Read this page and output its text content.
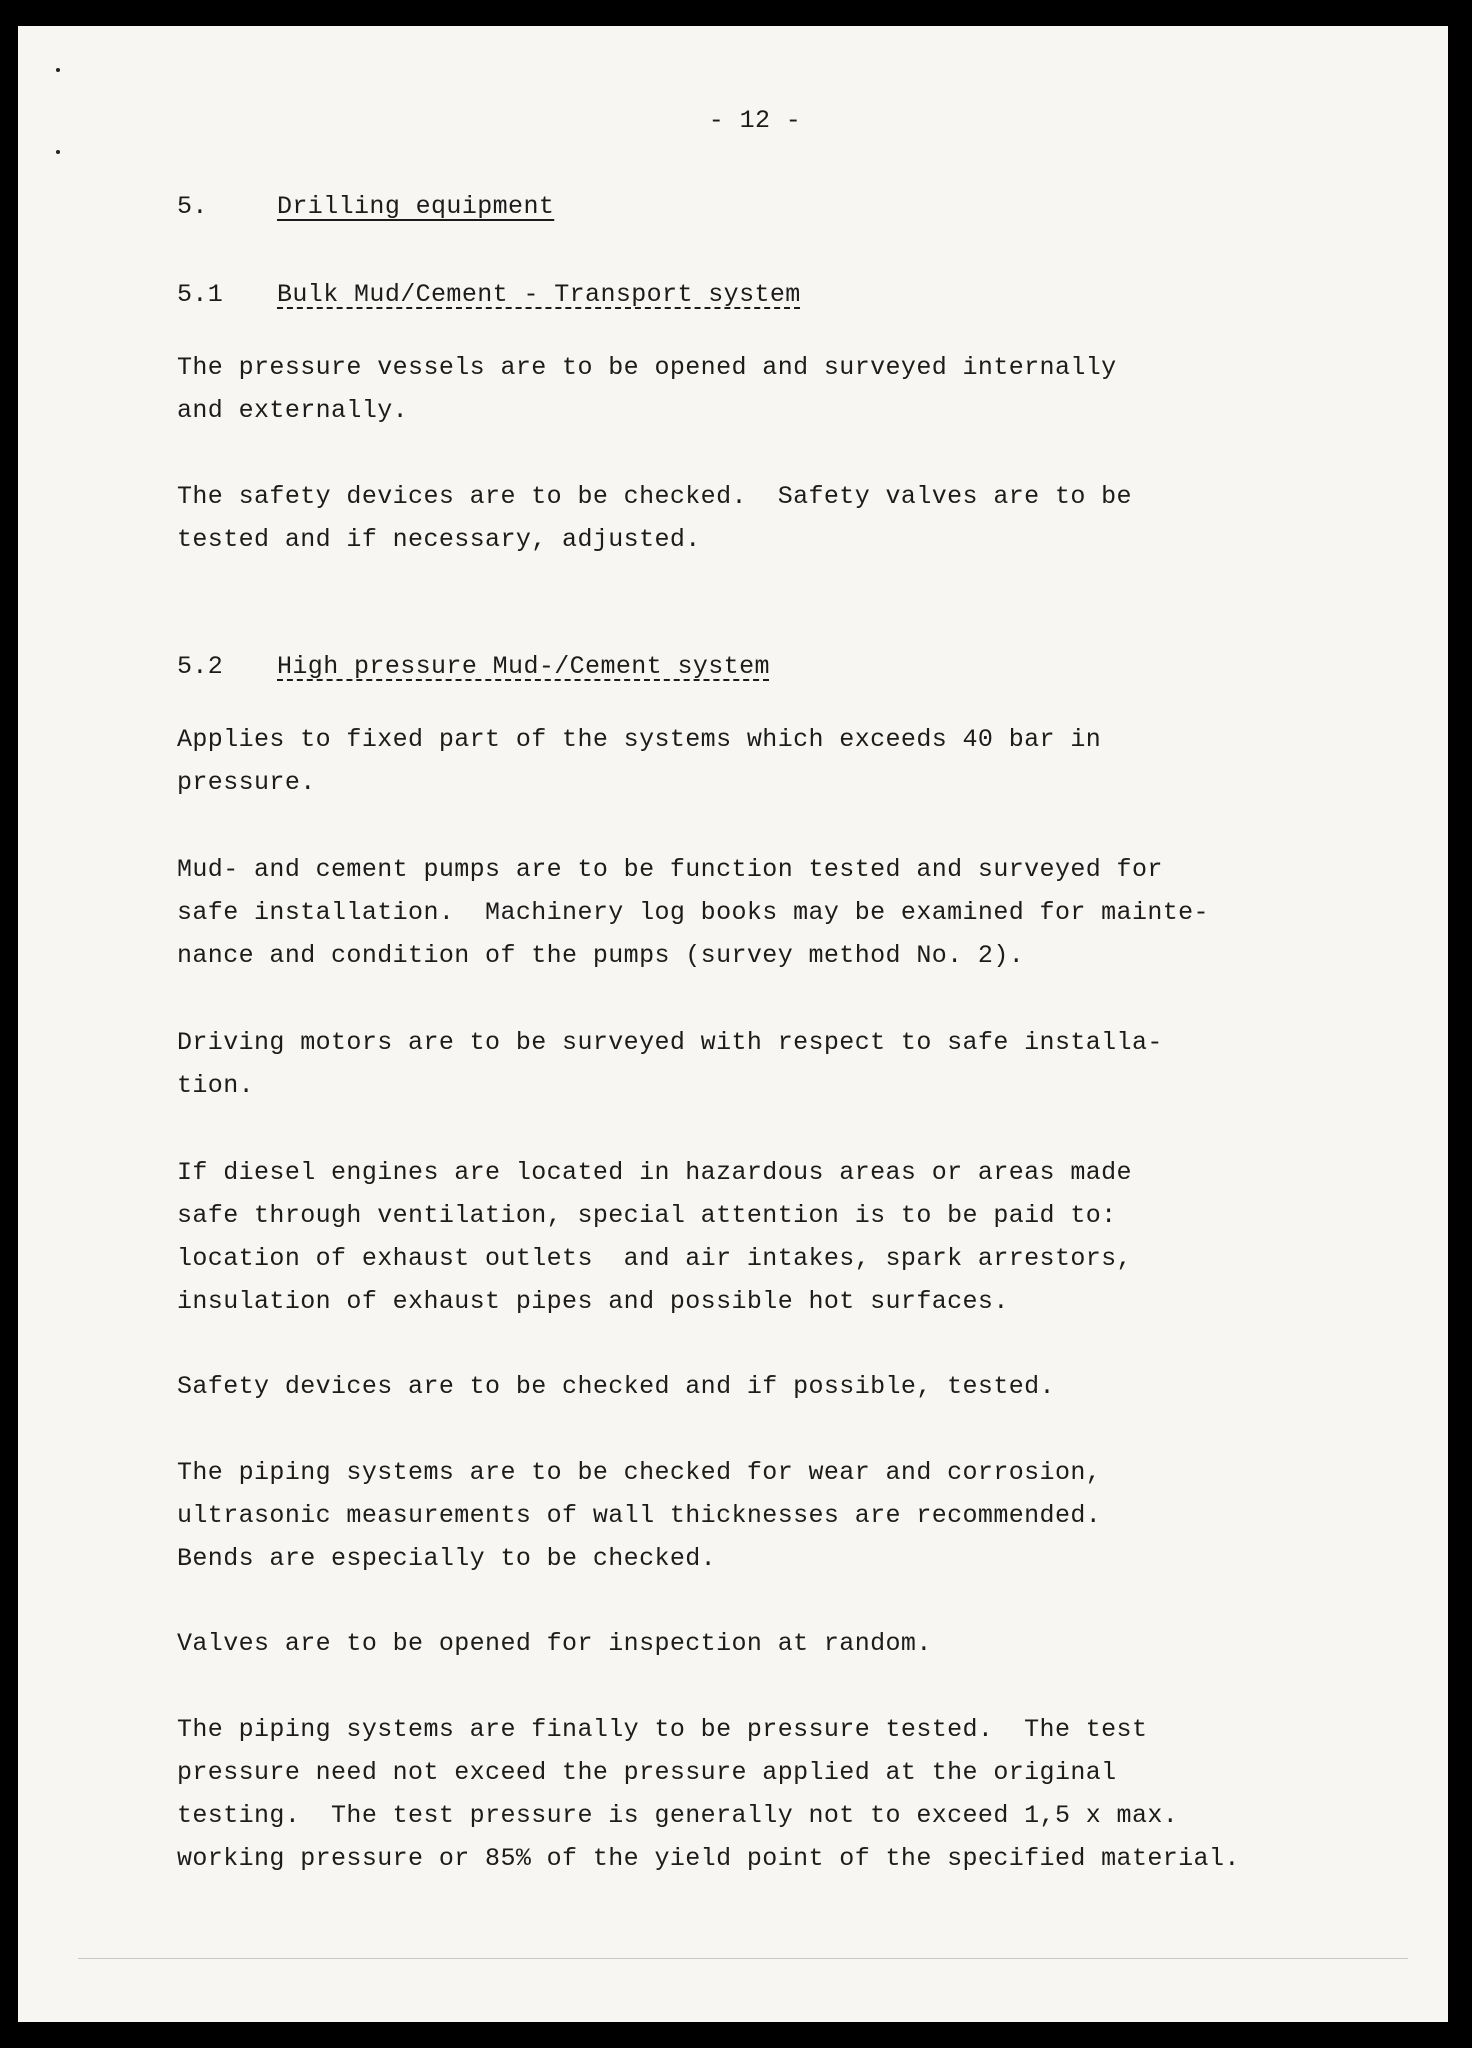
- 12 -
5.	Drilling equipment
5.1 Bulk Mud/Cement - Transport system

The pressure vessels are to be opened and surveyed internally
and externally.

The safety devices are to be checked.  Safety valves are to be
tested and if necessary, adjusted.

5.2 High pressure Mud-/Cement system

Applies to fixed part of the systems which exceeds 40 bar in
pressure.

Mud- and cement pumps are to be function tested and surveyed for
safe installation.  Machinery log books may be examined for mainte-
nance and condition of the pumps (survey method No. 2).

Driving motors are to be surveyed with respect to safe installa-
tion.

If diesel engines are located in hazardous areas or areas made
safe through ventilation, special attention is to be paid to:
location of exhaust outlets  and air intakes, spark arrestors,
insulation of exhaust pipes and possible hot surfaces.

Safety devices are to be checked and if possible, tested.

The piping systems are to be checked for wear and corrosion,
ultrasonic measurements of wall thicknesses are recommended.
Bends are especially to be checked.

Valves are to be opened for inspection at random.

The piping systems are finally to be pressure tested.  The test
pressure need not exceed the pressure applied at the original
testing.  The test pressure is generally not to exceed 1,5 x max.
working pressure or 85% of the yield point of the specified material.
